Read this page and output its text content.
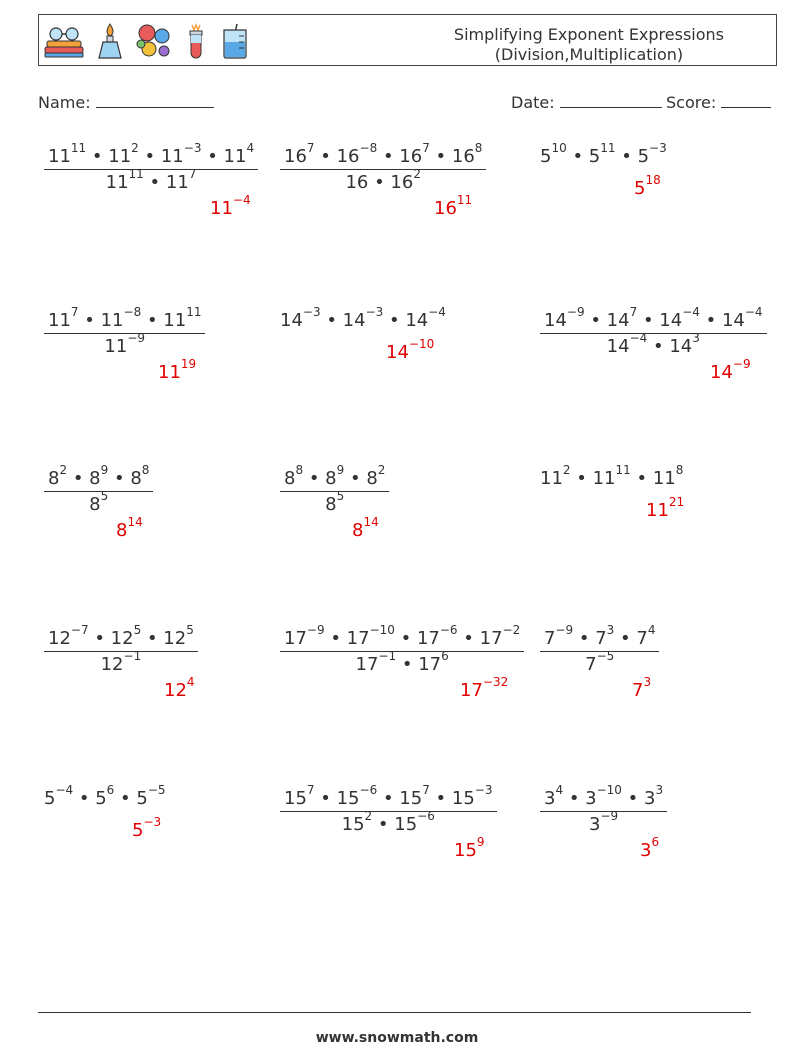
Simplifying Exponent Expressions
(Division,Multiplication)
Name:	Date:	Score:
$\frac{11^{11} • 11^2 • 11^{-3} • 11^4}{11^{11} • 11^7}$
$11^{-4}$
$\frac{16^7 • 16^{-8} • 16^7 • 16^8}{16 • 16^2}$
$16^{11}$
$5^{10}$ • $5^{11}$ • $5^{-3}$
$5^{18}$
$\frac{11^7 • 11^{-8} • 11^{11}}{11^{-9}}$
$11^{19}$
$14^{-3}$ • $14^{-3}$ • $14^{-4}$
$14^{-10}$	$\frac{14^{-9} • 14^7 • 14^{-4} • 14^{-4}}{14^{-4} • 14^3}$
$14^{-9}$
$\frac{8^2 • 8^9 • 8^8}{8^5}$
$8^{14}$
$\frac{8^8 • 8^9 • 8^2}{8^5}$
$8^{14}$
$11^2$ • $11^{11}$ • $11^8$
$11^{21}$
$\frac{12^{-7} • 12^5 • 12^5}{12^{-1}}$
$12^4$
$\frac{17^{-9} • 17^{-10} • 17^{-6} • 17^{-2}}{17^{-1} • 17^6}$
$17^{-32}$
$\frac{7^{-9} • 7^3 • 7^4}{7^{-5}}$
$7^3$
$5^{-4}$ • $5^6$ • $5^{-5}$
$5^{-3}$	$\frac{15^7 • 15^{-6} • 15^7 • 15^{-3}}{15^2 • 15^{-6}}$
$15^9$
$\frac{3^4 • 3^{-10} • 3^3}{3^{-9}}$
$3^6$
www.snowmath.com
